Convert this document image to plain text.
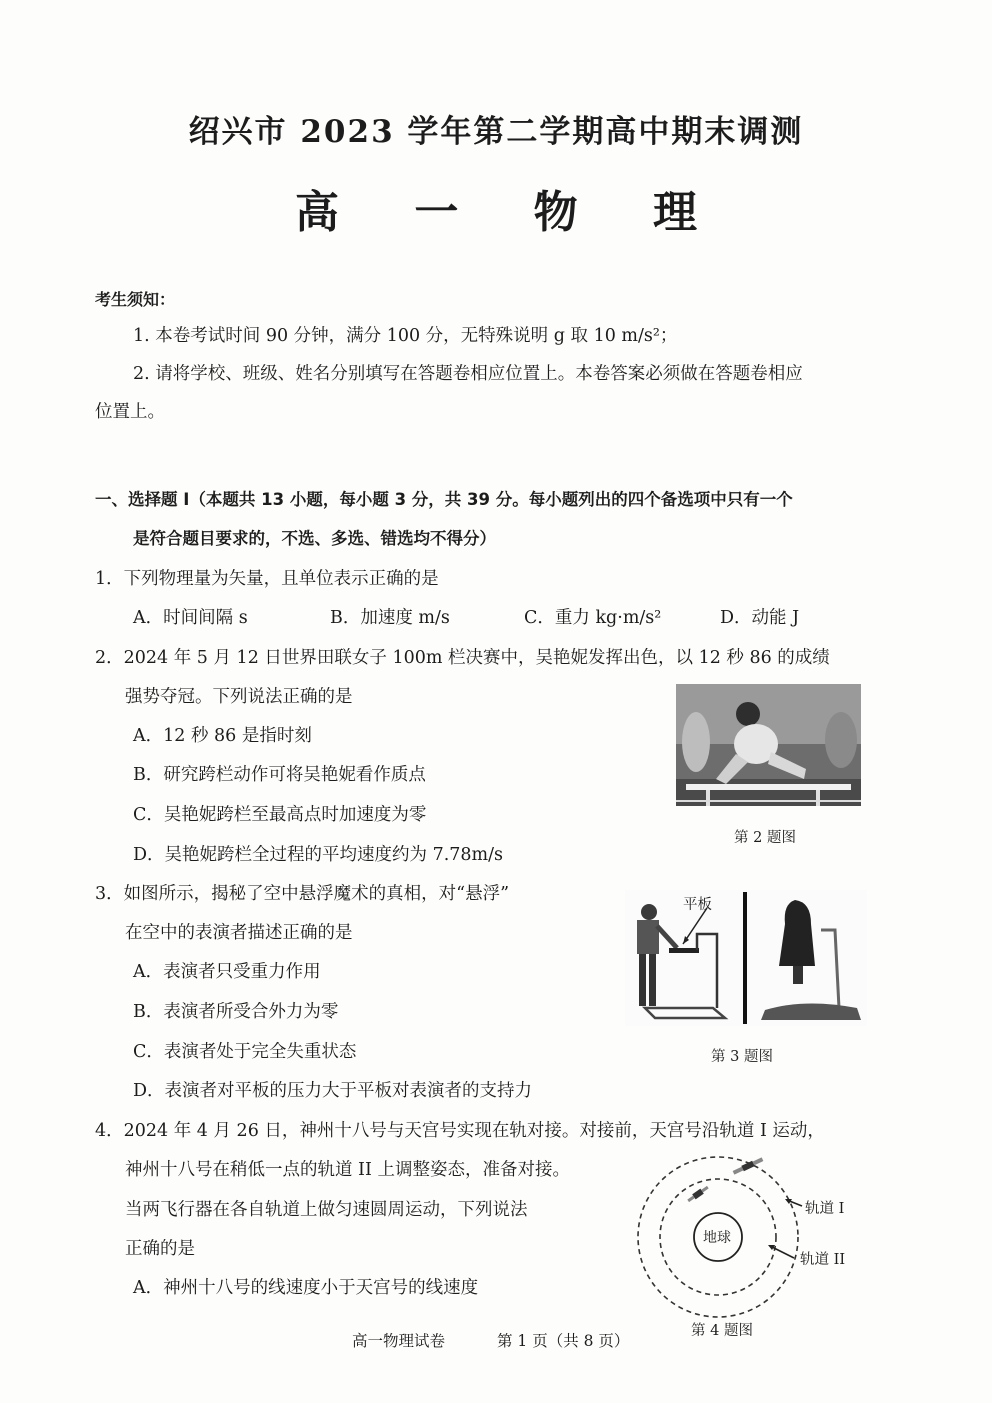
绍兴市 2023 学年第二学期高中期末调测
高 一 物 理
考生须知：
1. 本卷考试时间 90 分钟，满分 100 分，无特殊说明 g 取 10 m/s²；
2. 请将学校、班级、姓名分别填写在答题卷相应位置上。本卷答案必须做在答题卷相应
位置上。
一、选择题 I（本题共 13 小题，每小题 3 分，共 39 分。每小题列出的四个备选项中只有一个
是符合题目要求的，不选、多选、错选均不得分）
1．下列物理量为矢量，且单位表示正确的是
A．时间间隔 s	B．加速度 m/s	C．重力 kg·m/s²	D．动能 J
2．2024 年 5 月 12 日世界田联女子 100m 栏决赛中，吴艳妮发挥出色，以 12 秒 86 的成绩
强势夺冠。下列说法正确的是
A．12 秒 86 是指时刻
B．研究跨栏动作可将吴艳妮看作质点
C．吴艳妮跨栏至最高点时加速度为零
D．吴艳妮跨栏全过程的平均速度约为 7.78m/s
第 2 题图
3．如图所示，揭秘了空中悬浮魔术的真相，对“悬浮”
在空中的表演者描述正确的是
A．表演者只受重力作用
B．表演者所受合外力为零
C．表演者处于完全失重状态
D．表演者对平板的压力大于平板对表演者的支持力
平板
第 3 题图
4．2024 年 4 月 26 日，神州十八号与天宫号实现在轨对接。对接前，天宫号沿轨道 I 运动，
神州十八号在稍低一点的轨道 II 上调整姿态，准备对接。
当两飞行器在各自轨道上做匀速圆周运动，下列说法
正确的是
A．神州十八号的线速度小于天宫号的线速度
地球
轨道 I
轨道 II
第 4 题图
高一物理试卷	第 1 页（共 8 页）
